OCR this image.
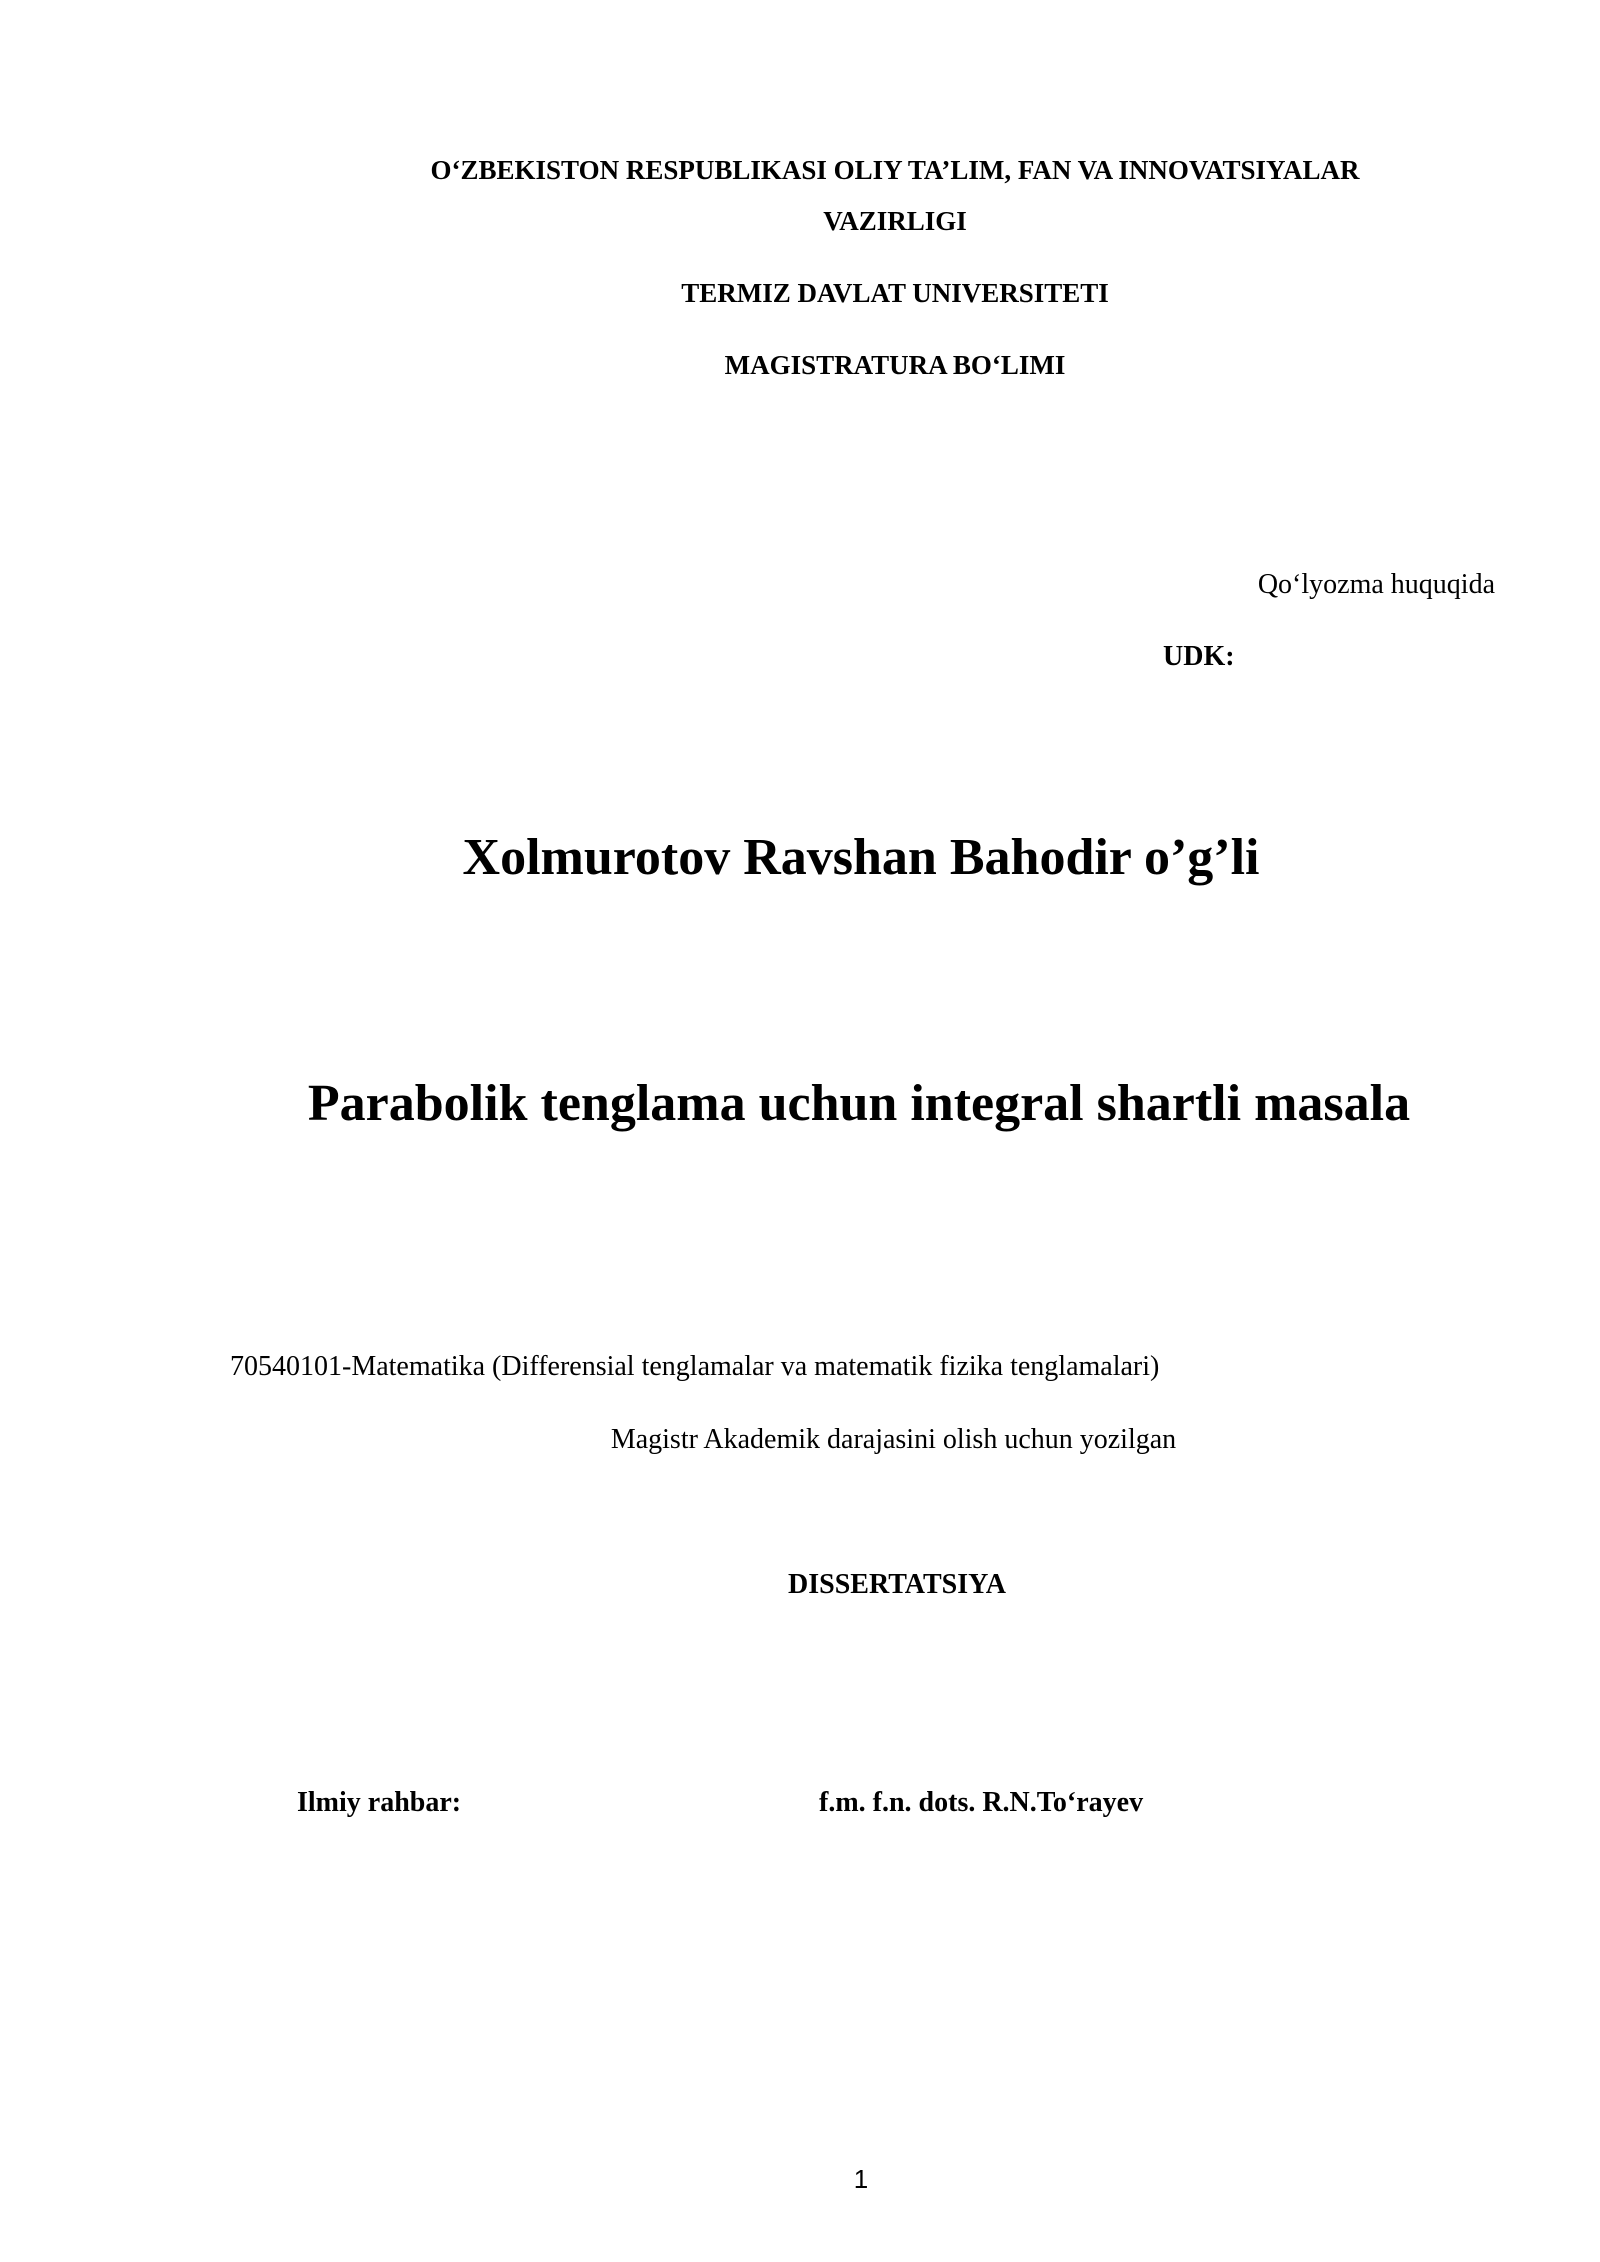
O‘ZBEKISTON RESPUBLIKASI OLIY TA’LIM, FAN VA INNOVATSIYALAR
VAZIRLIGI
TERMIZ DAVLAT UNIVERSITETI
MAGISTRATURA BO‘LIMI
Qo‘lyozma huquqida
UDK:
Xolmurotov Ravshan Bahodir o’g’li
Parabolik tenglama uchun integral shartli masala
70540101-Matematika (Differensial tenglamalar va matematik fizika tenglamalari)
Magistr Akademik darajasini olish uchun yozilgan
DISSERTATSIYA
Ilmiy rahbar:	f.m. f.n. dots. R.N.To‘rayev
1
